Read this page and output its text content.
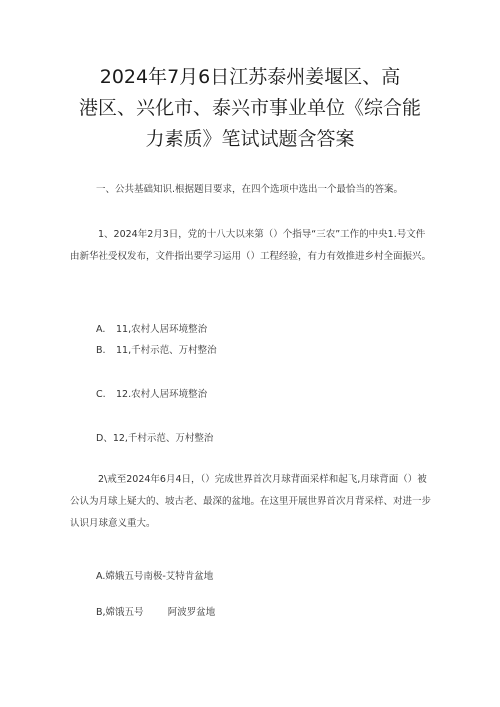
2024年7月6日江苏泰州姜堰区、高
港区、兴化市、泰兴市事业单位《综合能
力素质》笔试试题含答案

一、公共基础知识.根据题目要求，在四个选项中选出一个最恰当的答案。

1、2024年2月3日，党的十八大以来第（）个指导“三农”工作的中央1.号文件
由新华社受权发布，文件指出要学习运用（）工程经验，有力有效推进乡村全面振兴。

A. 11,农村人居环境整治

B. 11,千村示范、万村整治

C. 12.农村人居环境整治

D、12,千村示范、万村整治

2\戒至2024年6月4日，（）完成世界首次月球背面采样和起飞,月球背面（）被
公认为月球上疑大的、坡古老、最深的盆地。在这里开展世界首次月背采样、对进一步
认识月球意义重大。

A.嫦娥五号南极-艾特肯盆地

B,嫦饿五号        阿波罗盆地
